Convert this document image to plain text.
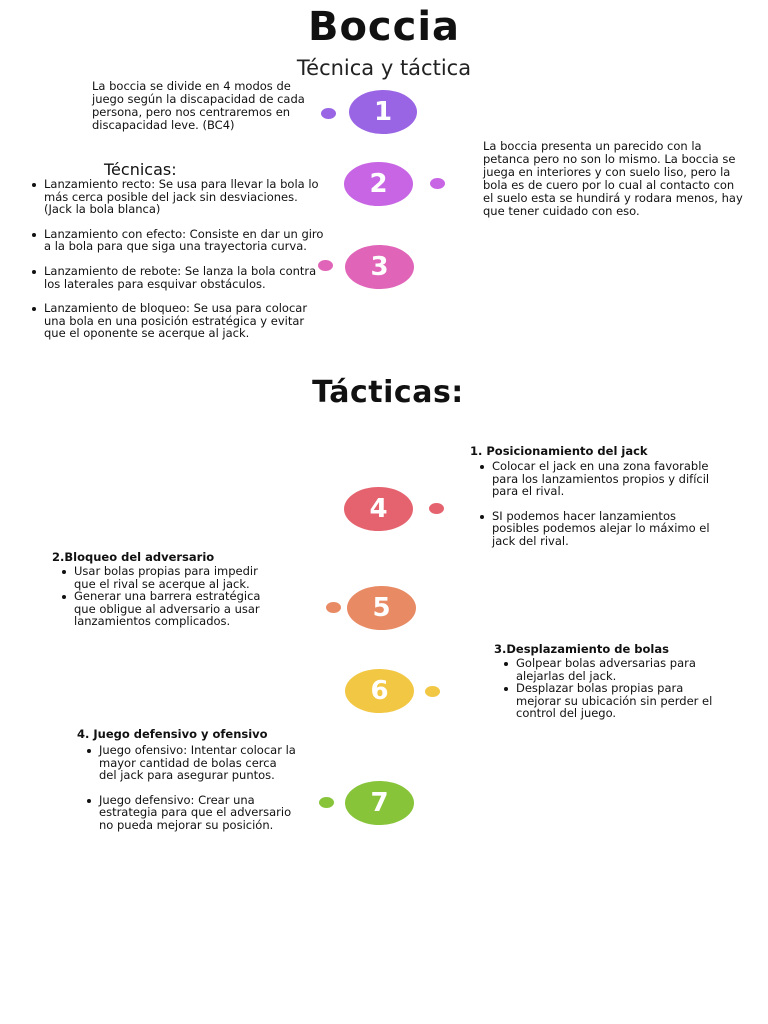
Boccia
Técnica y táctica
La boccia se divide en 4 modos de juego según la discapacidad de cada persona, pero nos centraremos en discapacidad leve. (BC4)
La boccia presenta un parecido con la petanca pero no son lo mismo. La boccia se juega en interiores y con suelo liso, pero la bola es de cuero por lo cual al contacto con el suelo esta se hundirá y rodara menos, hay que tener cuidado con eso.
Técnicas:
Lanzamiento recto: Se usa para llevar la bola lo más cerca posible del jack sin desviaciones. (Jack la bola blanca)
Lanzamiento con efecto: Consiste en dar un giro a la bola para que siga una trayectoria curva.
Lanzamiento de rebote: Se lanza la bola contra los laterales para esquivar obstáculos.
Lanzamiento de bloqueo: Se usa para colocar una bola en una posición estratégica y evitar que el oponente se acerque al jack.
Tácticas:
1. Posicionamiento del jack
Colocar el jack en una zona favorable para los lanzamientos propios y difícil para el rival.
SI podemos hacer lanzamientos posibles podemos alejar lo máximo el jack del rival.
2.Bloqueo del adversario
Usar bolas propias para impedir que el rival se acerque al jack.
Generar una barrera estratégica que obligue al adversario a usar lanzamientos complicados.
3.Desplazamiento de bolas
Golpear bolas adversarias para alejarlas del jack.
Desplazar bolas propias para mejorar su ubicación sin perder el control del juego.
4. Juego defensivo y ofensivo
Juego ofensivo: Intentar colocar la mayor cantidad de bolas cerca del jack para asegurar puntos.
Juego defensivo: Crear una estrategia para que el adversario no pueda mejorar su posición.
1
2
3
4
5
6
7
